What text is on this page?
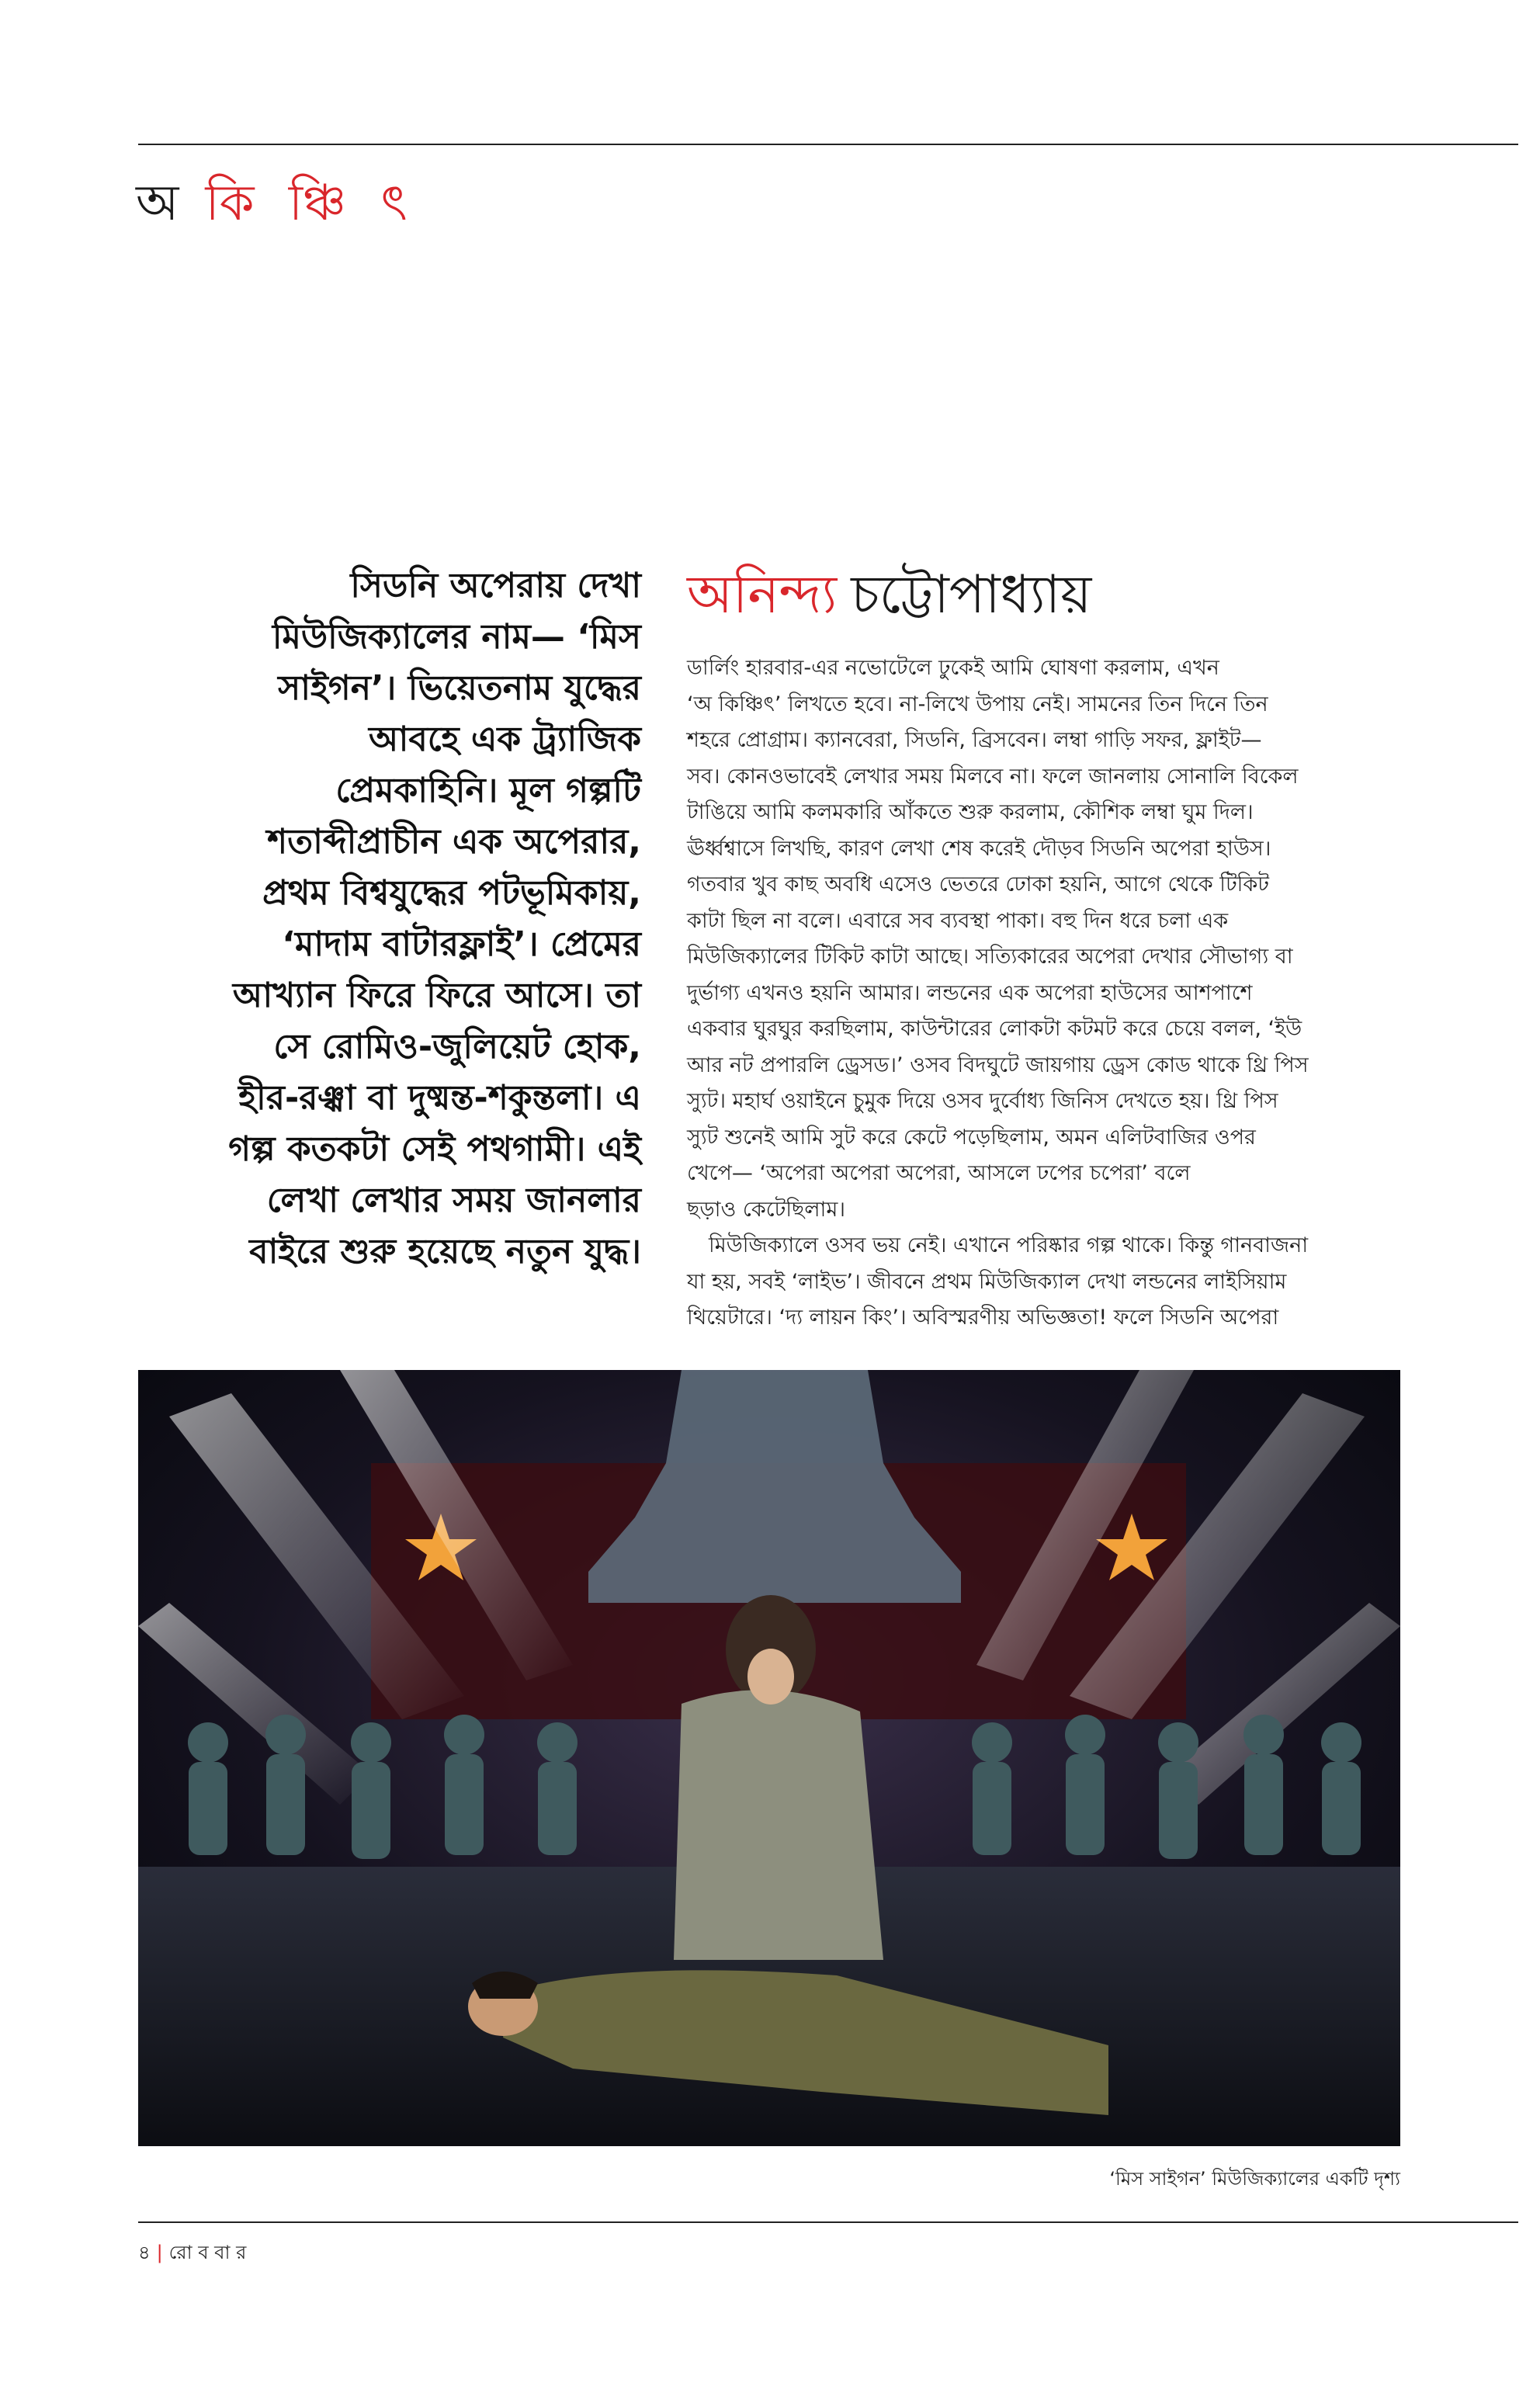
অ কি ঞ্চি ৎ
সিডনি অপেরায় দেখা
মিউজিক্যালের নাম— ‘মিস
সাইগন’। ভিয়েতনাম যুদ্ধের
আবহে এক ট্র্যাজিক
প্রেমকাহিনি। মূল গল্পটি
শতাব্দীপ্রাচীন এক অপেরার,
প্রথম বিশ্বযুদ্ধের পটভূমিকায়,
‘মাদাম বাটারফ্লাই’। প্রেমের
আখ্যান ফিরে ফিরে আসে। তা
সে রোমিও-জুলিয়েট হোক,
হীর-রঞ্ঝা বা দুষ্মন্ত-শকুন্তলা। এ
গল্প কতকটা সেই পথগামী। এই
লেখা লেখার সময় জানলার
বাইরে শুরু হয়েছে নতুন যুদ্ধ।
অনিন্দ্য চট্টোপাধ্যায়
ডার্লিং হারবার-এর নভোটেলে ঢুকেই আমি ঘোষণা করলাম, এখন
‘অ কিঞ্চিৎ’ লিখতে হবে। না-লিখে উপায় নেই। সামনের তিন দিনে তিন
শহরে প্রোগ্রাম। ক্যানবেরা, সিডনি, ব্রিসবেন। লম্বা গাড়ি সফর, ফ্লাইট—
সব। কোনওভাবেই লেখার সময় মিলবে না। ফলে জানলায় সোনালি বিকেল
টাঙিয়ে আমি কলমকারি আঁকতে শুরু করলাম, কৌশিক লম্বা ঘুম দিল।
ঊর্ধ্বশ্বাসে লিখছি, কারণ লেখা শেষ করেই দৌড়ব সিডনি অপেরা হাউস।
গতবার খুব কাছ অবধি এসেও ভেতরে ঢোকা হয়নি, আগে থেকে টিকিট
কাটা ছিল না বলে। এবারে সব ব্যবস্থা পাকা। বহু দিন ধরে চলা এক
মিউজিক্যালের টিকিট কাটা আছে। সত্যিকারের অপেরা দেখার সৌভাগ্য বা
দুর্ভাগ্য এখনও হয়নি আমার। লন্ডনের এক অপেরা হাউসের আশপাশে
একবার ঘুরঘুর করছিলাম, কাউন্টারের লোকটা কটমট করে চেয়ে বলল, ‘ইউ
আর নট প্রপারলি ড্রেসড।’ ওসব বিদঘুটে জায়গায় ড্রেস কোড থাকে থ্রি পিস
স্যুট। মহার্ঘ ওয়াইনে চুমুক দিয়ে ওসব দুর্বোধ্য জিনিস দেখতে হয়। থ্রি পিস
স্যুট শুনেই আমি সুট করে কেটে পড়েছিলাম, অমন এলিটবাজির ওপর
খেপে— ‘অপেরা অপেরা অপেরা, আসলে ঢপের চপেরা’ বলে
ছড়াও কেটেছিলাম।
মিউজিক্যালে ওসব ভয় নেই। এখানে পরিষ্কার গল্প থাকে। কিন্তু গানবাজনা
যা হয়, সবই ‘লাইভ’। জীবনে প্রথম মিউজিক্যাল দেখা লন্ডনের লাইসিয়াম
থিয়েটারে। ‘দ্য লায়ন কিং’। অবিস্মরণীয় অভিজ্ঞতা! ফলে সিডনি অপেরা
‘মিস সাইগন’ মিউজিক্যালের একটি দৃশ্য
৪ | রো ব বা র
